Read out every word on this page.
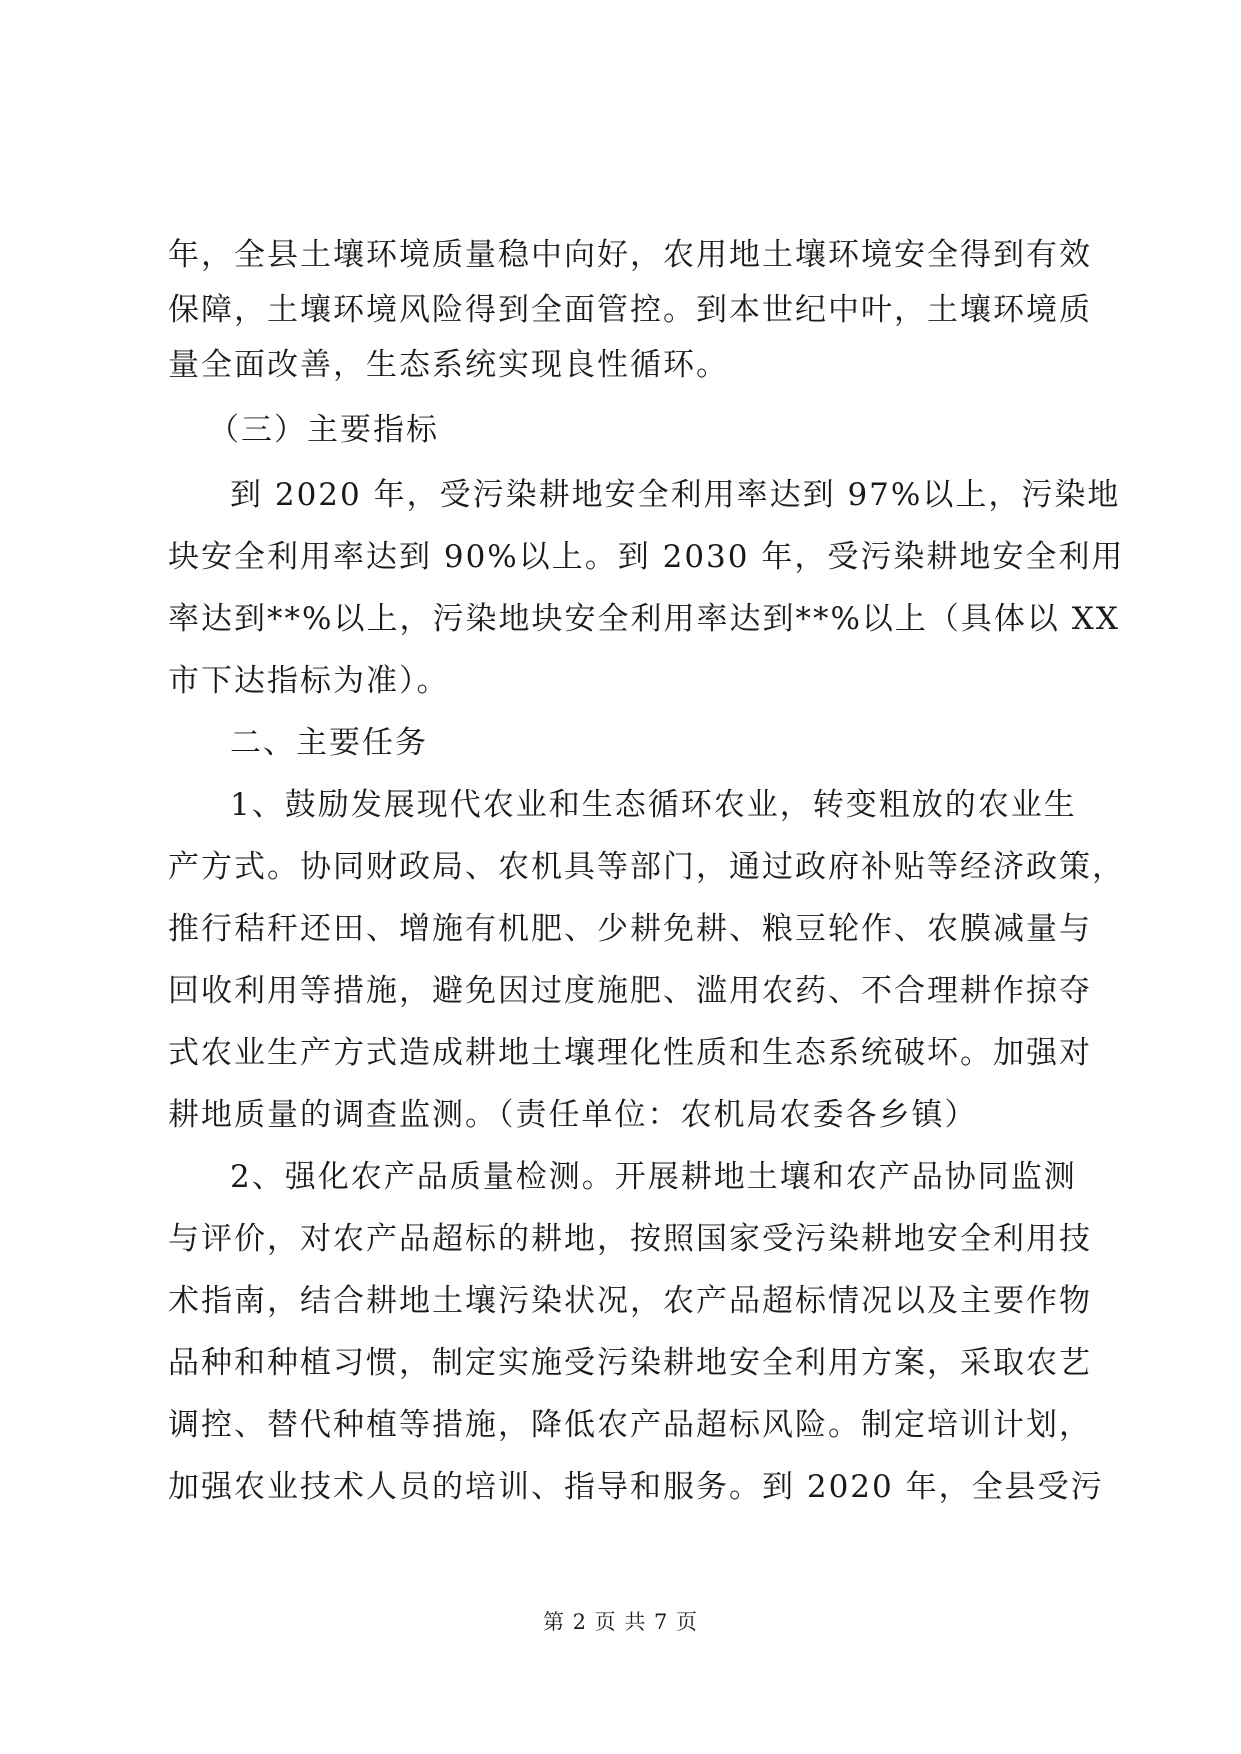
年，全县土壤环境质量稳中向好，农用地土壤环境安全得到有效
保障，土壤环境风险得到全面管控。到本世纪中叶，土壤环境质
量全面改善，生态系统实现良性循环。
（三）主要指标
到 2020 年，受污染耕地安全利用率达到 97%以上，污染地
块安全利用率达到 90%以上。到 2030 年，受污染耕地安全利用
率达到**%以上，污染地块安全利用率达到**%以上（具体以 XX
市下达指标为准）。
二、主要任务
1、鼓励发展现代农业和生态循环农业，转变粗放的农业生
产方式。协同财政局、农机具等部门，通过政府补贴等经济政策，
推行秸秆还田、增施有机肥、少耕免耕、粮豆轮作、农膜减量与
回收利用等措施，避免因过度施肥、滥用农药、不合理耕作掠夺
式农业生产方式造成耕地土壤理化性质和生态系统破坏。加强对
耕地质量的调查监测。（责任单位：农机局农委各乡镇）
2、强化农产品质量检测。开展耕地土壤和农产品协同监测
与评价，对农产品超标的耕地，按照国家受污染耕地安全利用技
术指南，结合耕地土壤污染状况，农产品超标情况以及主要作物
品种和种植习惯，制定实施受污染耕地安全利用方案，采取农艺
调控、替代种植等措施，降低农产品超标风险。制定培训计划，
加强农业技术人员的培训、指导和服务。到 2020 年，全县受污
第 2 页 共 7 页
